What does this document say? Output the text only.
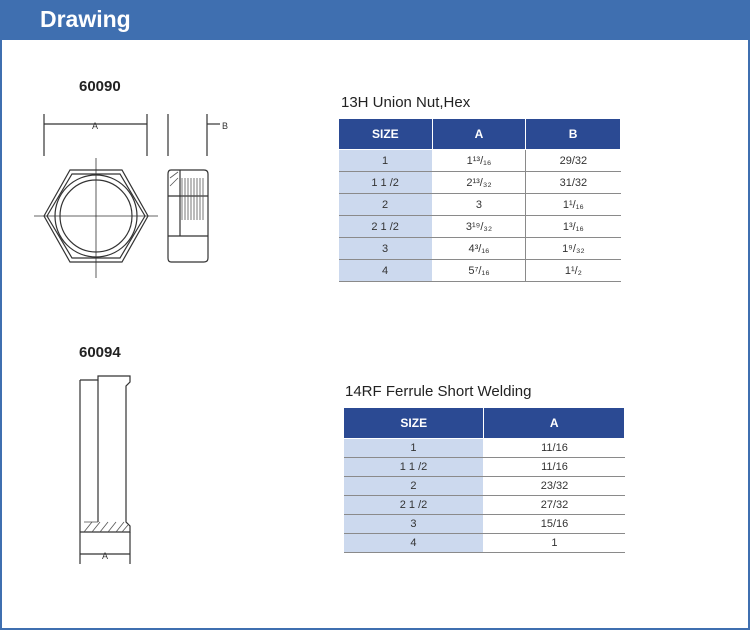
Drawing
60090
A	B
13H Union Nut,Hex
SIZE	A	B
1	1¹³/₁₆	29/32
1 1 /2	2¹³/₃₂	31/32
2	3	1¹/₁₆
2 1 /2	3¹⁹/₃₂	1³/₁₆
3	4³/₁₆	1⁹/₃₂
4	5⁷/₁₆	1¹/₂
60094
A
14RF Ferrule Short Welding
SIZE	A
1	11/16
1 1 /2	11/16
2	23/32
2 1 /2	27/32
3	15/16
4	1
